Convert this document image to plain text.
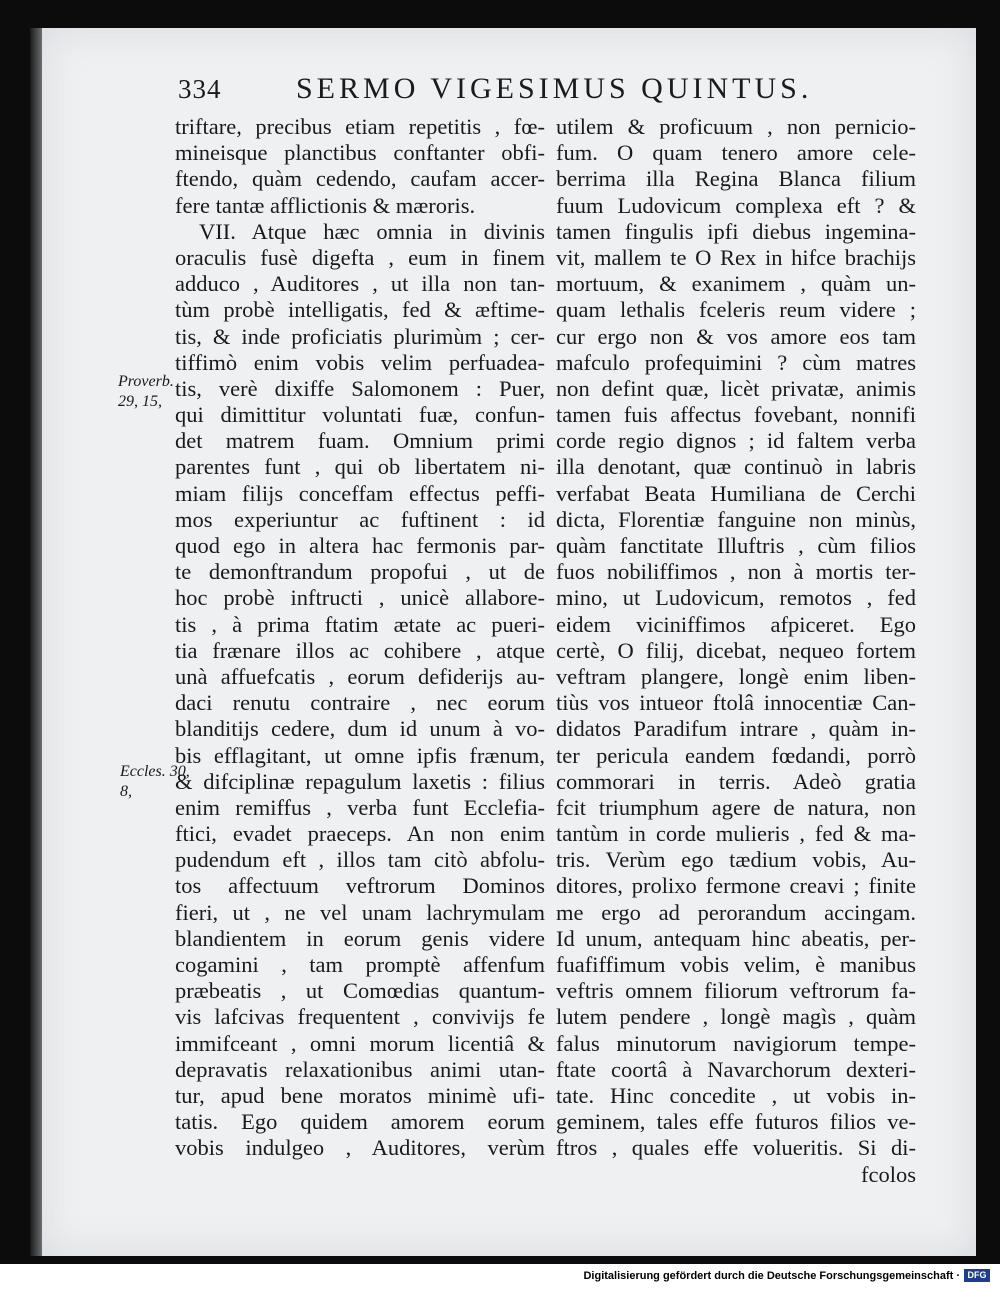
334 SERMO VIGESIMUS QUINTUS.
Proverb.
29, 15,
Eccles. 30,
8,
triftare, precibus etiam repetitis , fœ-
mineisque planctibus conftanter obfi-
ftendo, quàm cedendo, caufam accer-
fere tantæ afflictionis & mæroris.
VII. Atque hæc omnia in divinis
oraculis fusè digefta , eum in finem
adduco , Auditores , ut illa non tan-
tùm probè intelligatis, fed & æftime-
tis, & inde proficiatis plurimùm ; cer-
tiffimò enim vobis velim perfuadea-
tis, verè dixiffe Salomonem : Puer,
qui dimittitur voluntati fuæ, confun-
det matrem fuam. Omnium primi
parentes funt , qui ob libertatem ni-
miam filijs conceffam effectus peffi-
mos experiuntur ac fuftinent : id
quod ego in altera hac fermonis par-
te demonftrandum propofui , ut de
hoc probè inftructi , unicè allabore-
tis , à prima ftatim ætate ac pueri-
tia frænare illos ac cohibere , atque
unà affuefcatis , eorum defiderijs au-
daci renutu contraire , nec eorum
blanditijs cedere, dum id unum à vo-
bis efflagitant, ut omne ipfis frænum,
& difciplinæ repagulum laxetis : filius
enim remiffus , verba funt Ecclefia-
ftici, evadet praeceps. An non enim
pudendum eft , illos tam citò abfolu-
tos affectuum veftrorum Dominos
fieri, ut , ne vel unam lachrymulam
blandientem in eorum genis videre
cogamini , tam promptè affenfum
præbeatis , ut Comœdias quantum-
vis lafcivas frequentent , convivijs fe
immifceant , omni morum licentiâ &
depravatis relaxationibus animi utan-
tur, apud bene moratos minimè ufi-
tatis. Ego quidem amorem eorum
vobis indulgeo , Auditores, verùm
utilem & proficuum , non pernicio-
fum. O quam tenero amore cele-
berrima illa Regina Blanca filium
fuum Ludovicum complexa eft ? &
tamen fingulis ipfi diebus ingemina-
vit, mallem te O Rex in hifce brachijs
mortuum, & exanimem , quàm un-
quam lethalis fceleris reum videre ;
cur ergo non & vos amore eos tam
mafculo profequimini ? cùm matres
non defint quæ, licèt privatæ, animis
tamen fuis affectus fovebant, nonnifi
corde regio dignos ; id faltem verba
illa denotant, quæ continuò in labris
verfabat Beata Humiliana de Cerchi
dicta, Florentiæ fanguine non minùs,
quàm fanctitate Illuftris , cùm filios
fuos nobiliffimos , non à mortis ter-
mino, ut Ludovicum, remotos , fed
eidem viciniffimos afpiceret. Ego
certè, O filij, dicebat, nequeo fortem
veftram plangere, longè enim liben-
tiùs vos intueor ftolâ innocentiæ Can-
didatos Paradifum intrare , quàm in-
ter pericula eandem fœdandi, porrò
commorari in terris. Adeò gratia
fcit triumphum agere de natura, non
tantùm in corde mulieris , fed & ma-
tris. Verùm ego tædium vobis, Au-
ditores, prolixo fermone creavi ; finite
me ergo ad perorandum accingam.
Id unum, antequam hinc abeatis, per-
fuafiffimum vobis velim, è manibus
veftris omnem filiorum veftrorum fa-
lutem pendere , longè magìs , quàm
falus minutorum navigiorum tempe-
ftate coortâ à Navarchorum dexteri-
tate. Hinc concedite , ut vobis in-
geminem, tales effe futuros filios ve-
ftros , quales effe volueritis. Si di-
fcolos
Digitalisierung gefördert durch die Deutsche Forschungsgemeinschaft · DFG
